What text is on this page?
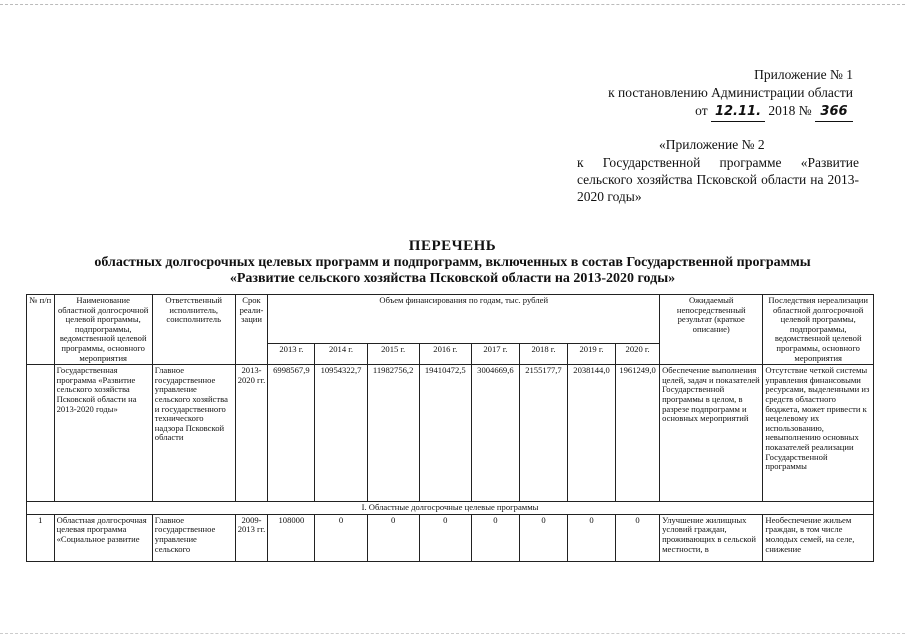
Приложение № 1
к постановлению Администрации области
от 12.11. 2018 № 366
«Приложение № 2
к Государственной программе «Развитие сельского хозяйства Псковской области на 2013-2020 годы»
ПЕРЕЧЕНЬ
областных долгосрочных целевых программ и подпрограмм, включенных в состав Государственной программы
«Развитие сельского хозяйства Псковской области на 2013-2020 годы»
№ п/п	Наименование областной долгосрочной целевой программы, подпрограммы, ведомственной целевой программы, основного мероприятия	Ответственный исполнитель, соисполнитель	Срок реали-зации	Объем финансирования по годам, тыс. рублей								Ожидаемый непосредственный результат (краткое описание)	Последствия нереализации областной долгосрочной целевой программы, подпрограммы, ведомственной целевой программы, основного мероприятия
				2013 г.	2014 г.	2015 г.	2016 г.	2017 г.	2018 г.	2019 г.	2020 г.		
	Государственная программа «Развитие сельского хозяйства Псковской области на 2013-2020 годы»	Главное государственное управление сельского хозяйства и государственного технического надзора Псковской области	2013-2020 гг.	6998567,9	10954322,7	11982756,2	19410472,5	3004669,6	2155177,7	2038144,0	1961249,0	Обеспечение выполнения целей, задач и показателей Государственной программы в целом, в разрезе подпрограмм и основных мероприятий	Отсутствие четкой системы управления финансовыми ресурсами, выделенными из средств областного бюджета, может привести к нецелевому их использованию, невыполнению основных показателей реализации Государственной программы
I. Областные долгосрочные целевые программы													
1	Областная долгосрочная целевая программа «Социальное развитие	Главное государственное управление сельского	2009-2013 гг.	108000	0	0	0	0	0	0	0	Улучшение жилищных условий граждан, проживающих в сельской местности, в	Необеспечение жильем граждан, в том числе молодых семей, на селе, снижение
